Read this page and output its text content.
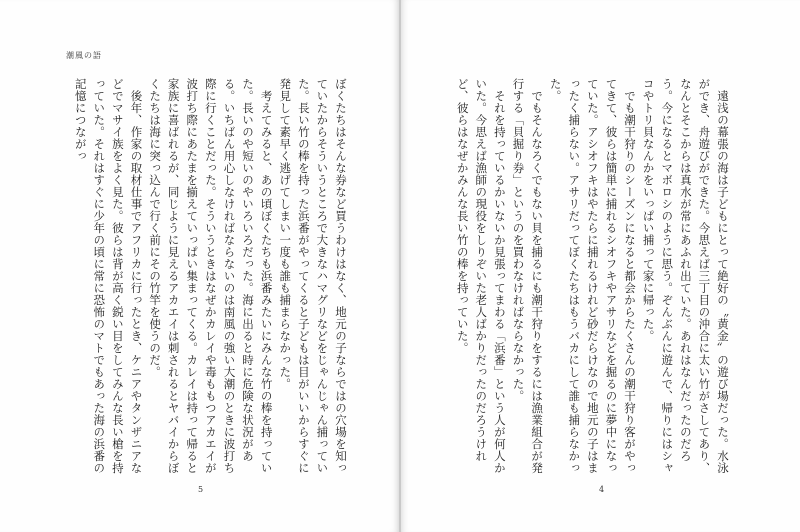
潮風の語

ぼくたちはそんな券など買うわけはなく、地元の子ならではの穴場を知っていたからそういうところで大きなハマグリなどをじゃんじゃん捕っていた。長い竹の棒を持った浜番がやってくると子どもは目がいいからすぐに発見して素早く逃げてしまい一度も誰も捕まらなかった。

考えてみると、あの頃ぼくたちも浜番みたいにみんな竹の棒を持っていた。長いのや短いのやいろいろだった。海に出ると時に危険な状況がある。いちばん用心しなければならないのは南風の強い大潮のときに波打ち際に行くことだった。そういうときはなぜかカレイや毒ももつアカエイが波打ち際にあたまを揃えていっぱい集まってくる。カレイは持って帰ると家族に喜ばれるが、同じように見えるアカエイは刺されるとヤバイからぼくたちは海に突っ込んで行く前にその竹竿を使うのだ。

後年、作家の取材仕事でアフリカに行ったとき、ケニアやタンザニアなどでマサイ族をよく見た。彼らは背が高く鋭い目をしてみんな長い槍を持っていた。それはすぐに少年の頃に常に恐怖のマトでもあった海の浜番の記憶につながっ

5

遠浅の幕張の海は子どもにとって絶好の〝黄金〟の遊び場だった。水泳ができ、舟遊びができた。今思えば三丁目の沖合に太い竹がさしてあり、なんとそこからは真水が常にあふれ出ていた。あれはなんだったのだろう。今になるとマボロシのように思う。ぞんぶんに遊んで、帰りにはシャコやトリ貝なんかをいっぱい捕って家に帰った。

でも潮干狩りのシーズンになると都会からたくさんの潮干狩り客がやってきて、彼らは簡単に捕れるシオフキやアサリなどを掘るのに夢中になっていた。アシオフキはやたらに捕れるけれど砂だらけなので地元の子はまったく捕らない。アサリだってぼくたちはもうバカにして誰も捕らなかった。

でもそんなろくでもない貝を捕るにも潮干狩りをするには漁業組合が発行する「貝掘り券」というのを買わなければならなかった。

それを持っているかいないか見張ってまわる「浜番」という人が何人かいた。今思えば漁師の現役をしりぞいた老人ばかりだったのだろうけれど、彼らはなぜかみんな長い竹の棒を持っていた。

4
